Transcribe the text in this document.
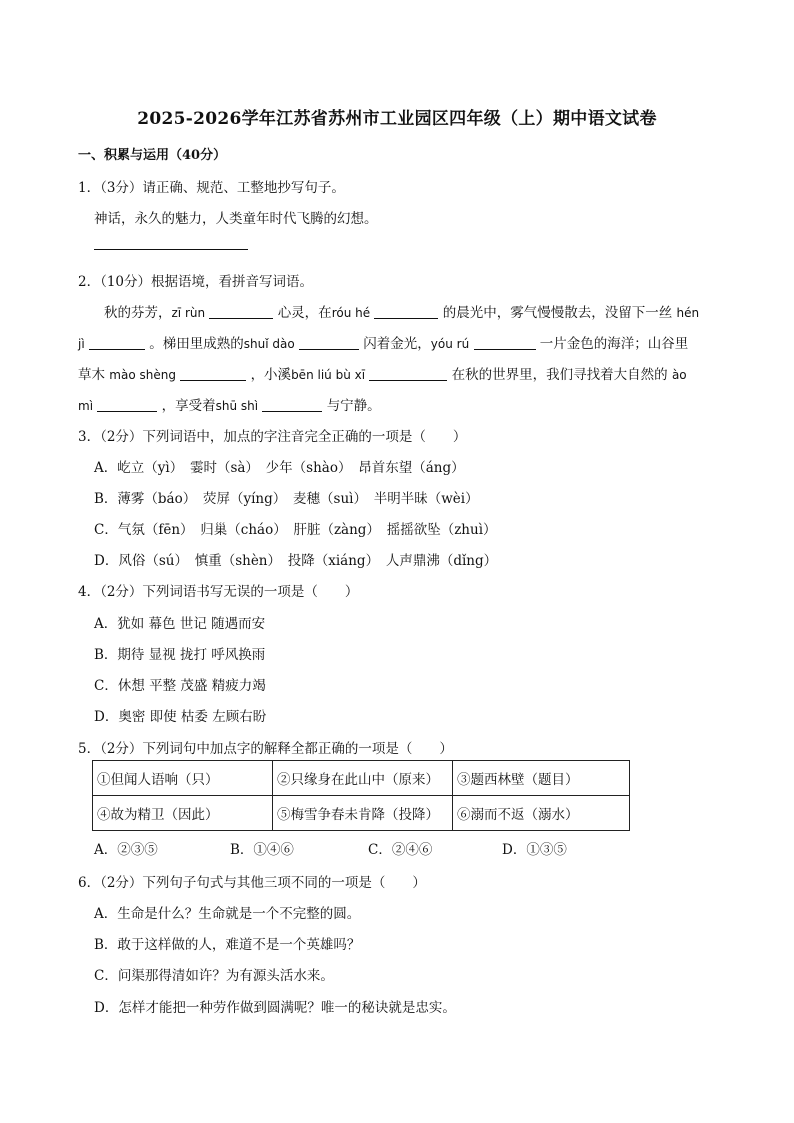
2025-2026学年江苏省苏州市工业园区四年级（上）期中语文试卷
一、积累与运用（40分）
1．（3分）请正确、规范、工整地抄写句子。
神话，永久的魅力，人类童年时代飞腾的幻想。
2．（10分）根据语境，看拼音写词语。
秋的芬芳，zī rùn	心灵，在róu hé	的晨光中，雾气慢慢散去，没留下一丝 hén
jì	。梯田里成熟的shuǐ dào	闪着金光，yóu rú	一片金色的海洋；山谷里
草木 mào shèng	，小溪bēn liú bù xī	在秋的世界里，我们寻找着大自然的 ào
mì	，享受着shū shì	与宁静。
3．（2分）下列词语中，加点的字注音完全正确的一项是（　　）
A．屹立（yì）　霎时（sà）　少年（shào）　昂首东望（áng）
B．薄雾（báo）　荧屏（yíng）　麦穗（suì）　半明半昧（wèi）
C．气氛（fēn）　归巢（cháo）　肝脏（zàng）　摇摇欲坠（zhuì）
D．风俗（sú）　慎重（shèn）　投降（xiáng）　人声鼎沸（dǐng）
4．（2分）下列词语书写无误的一项是（　　）
A．犹如 幕色 世记 随遇而安
B．期待 显视 拢打 呼风换雨
C．休想 平整 茂盛 精疲力竭
D．奥密 即使 枯委 左顾右盼
5．（2分）下列词句中加点字的解释全都正确的一项是（　　）
①但闻人语响（只）	②只缘身在此山中（原来）	③题西林壁（题目）
④故为精卫（因此）	⑤梅雪争春未肯降（投降）	⑥溺而不返（溺水）
A．②③⑤	B．①④⑥	C．②④⑥	D．①③⑤
6．（2分）下列句子句式与其他三项不同的一项是（　　）
A．生命是什么？生命就是一个不完整的圆。
B．敢于这样做的人，难道不是一个英雄吗？
C．问渠那得清如许？为有源头活水来。
D．怎样才能把一种劳作做到圆满呢？唯一的秘诀就是忠实。
